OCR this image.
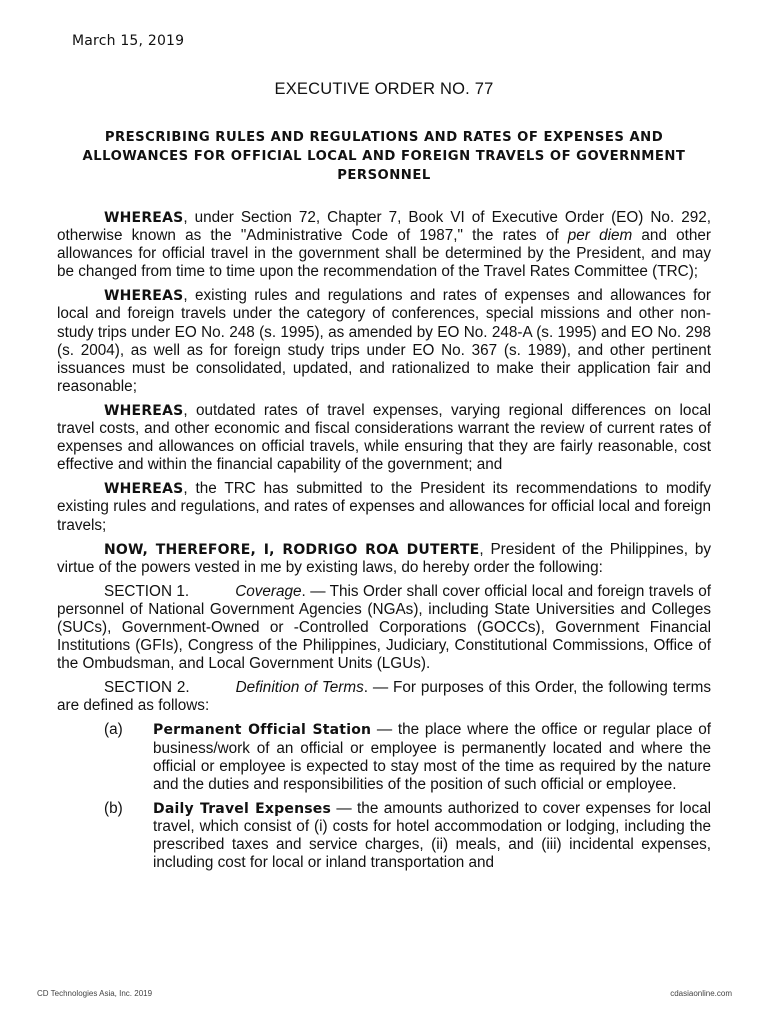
March 15, 2019
EXECUTIVE ORDER NO. 77
PRESCRIBING RULES AND REGULATIONS AND RATES OF EXPENSES AND ALLOWANCES FOR OFFICIAL LOCAL AND FOREIGN TRAVELS OF GOVERNMENT PERSONNEL

WHEREAS, under Section 72, Chapter 7, Book VI of Executive Order (EO) No. 292, otherwise known as the "Administrative Code of 1987," the rates of per diem and other allowances for official travel in the government shall be determined by the President, and may be changed from time to time upon the recommendation of the Travel Rates Committee (TRC);

WHEREAS, existing rules and regulations and rates of expenses and allowances for local and foreign travels under the category of conferences, special missions and other non-study trips under EO No. 248 (s. 1995), as amended by EO No. 248-A (s. 1995) and EO No. 298 (s. 2004), as well as for foreign study trips under EO No. 367 (s. 1989), and other pertinent issuances must be consolidated, updated, and rationalized to make their application fair and reasonable;

WHEREAS, outdated rates of travel expenses, varying regional differences on local travel costs, and other economic and fiscal considerations warrant the review of current rates of expenses and allowances on official travels, while ensuring that they are fairly reasonable, cost effective and within the financial capability of the government; and

WHEREAS, the TRC has submitted to the President its recommendations to modify existing rules and regulations, and rates of expenses and allowances for official local and foreign travels;

NOW, THEREFORE, I, RODRIGO ROA DUTERTE, President of the Philippines, by virtue of the powers vested in me by existing laws, do hereby order the following:

SECTION 1.	Coverage. — This Order shall cover official local and foreign travels of personnel of National Government Agencies (NGAs), including State Universities and Colleges (SUCs), Government-Owned or -Controlled Corporations (GOCCs), Government Financial Institutions (GFIs), Congress of the Philippines, Judiciary, Constitutional Commissions, Office of the Ombudsman, and Local Government Units (LGUs).

SECTION 2.	Definition of Terms. — For purposes of this Order, the following terms are defined as follows:

(a) Permanent Official Station — the place where the office or regular place of business/work of an official or employee is permanently located and where the official or employee is expected to stay most of the time as required by the nature and the duties and responsibilities of the position of such official or employee.
(b) Daily Travel Expenses — the amounts authorized to cover expenses for local travel, which consist of (i) costs for hotel accommodation or lodging, including the prescribed taxes and service charges, (ii) meals, and (iii) incidental expenses, including cost for local or inland transportation and
CD Technologies Asia, Inc. 2019	cdasiaonline.com
